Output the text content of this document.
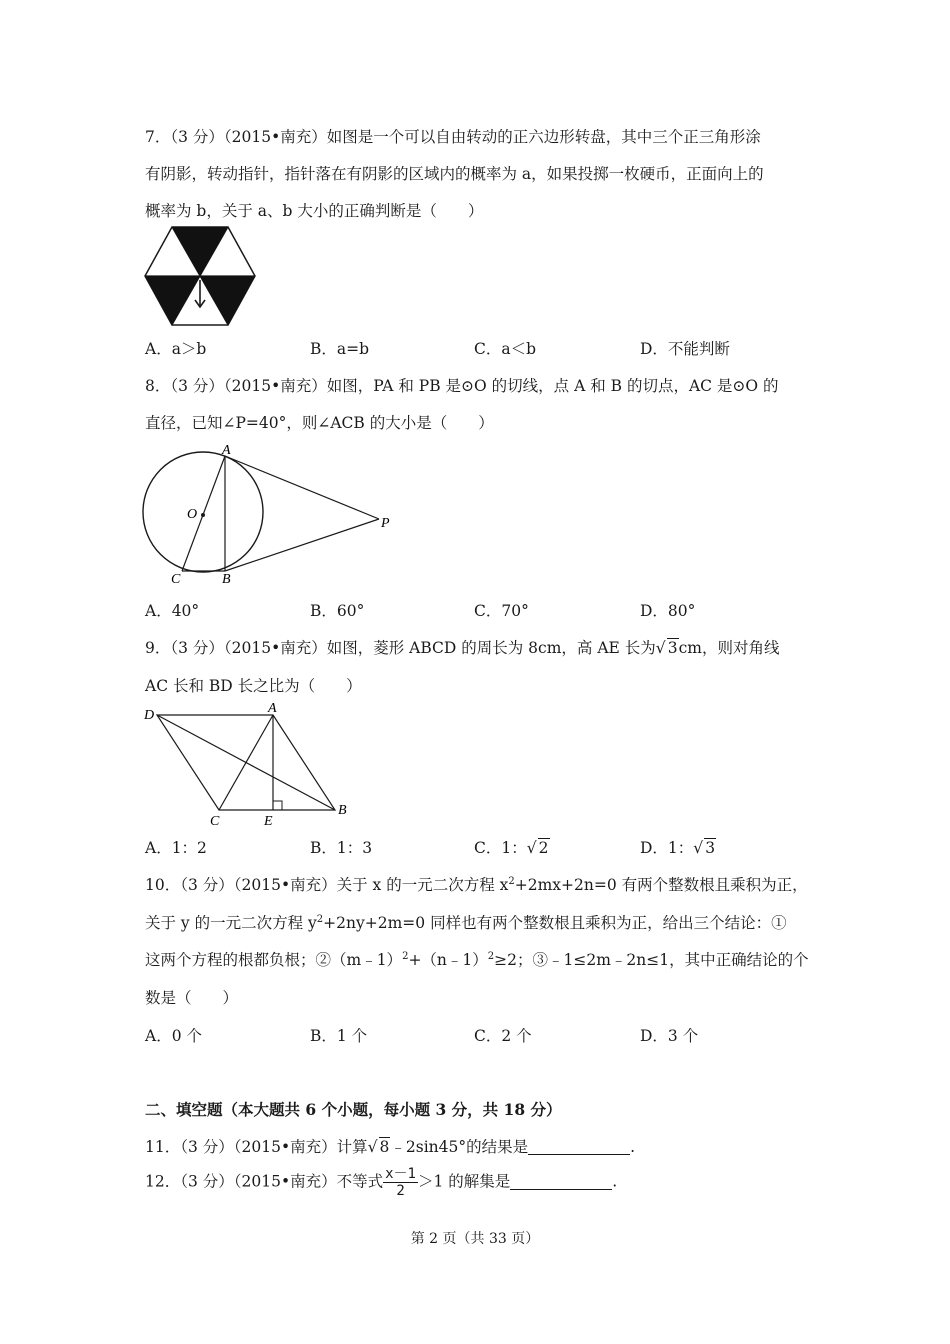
7．（3 分）（2015•南充）如图是一个可以自由转动的正六边形转盘，其中三个正三角形涂
有阴影，转动指针，指针落在有阴影的区域内的概率为 a，如果投掷一枚硬币，正面向上的
概率为 b，关于 a、b 大小的正确判断是（　　）
A．a＞b	B．a=b	C．a＜b	D．不能判断
8．（3 分）（2015•南充）如图，PA 和 PB 是⊙O 的切线，点 A 和 B 的切点，AC 是⊙O 的
直径，已知∠P=40°，则∠ACB 的大小是（　　）
A
O
P
C	B
A．40°	B．60°	C．70°	D．80°
9．（3 分）（2015•南充）如图，菱形 ABCD 的周长为 8cm，高 AE 长为√ 3cm，则对角线
AC 长和 BD 长之比为（　　）
D	A
C	E
B
A．1：2	B．1：3	C．1：√ 2	D．1：√ 3
10．（3 分）（2015•南充）关于 x 的一元二次方程 $x^2+2mx+2n=0$ 有两个整数根且乘积为正，
关于 y 的一元二次方程 $y^2+2ny+2m=0$ 同样也有两个整数根且乘积为正，给出三个结论：①
这两个方程的根都负根；②（m﹣1）$^2$+（n﹣1）$^2$≥2；③﹣1≤2m﹣2n≤1，其中正确结论的个
数是（　　）
A．0 个	B．1 个	C．2 个	D．3 个
二、填空题（本大题共 6 个小题，每小题 3 分，共 18 分）
11．（3 分）（2015•南充）计算√ 8﹣2sin45°的结果是	.
12．（3 分）（2015•南充）不等式 $\frac{x-1}{2} >1$ 的解集是	.
第 2 页（共 33 页）
